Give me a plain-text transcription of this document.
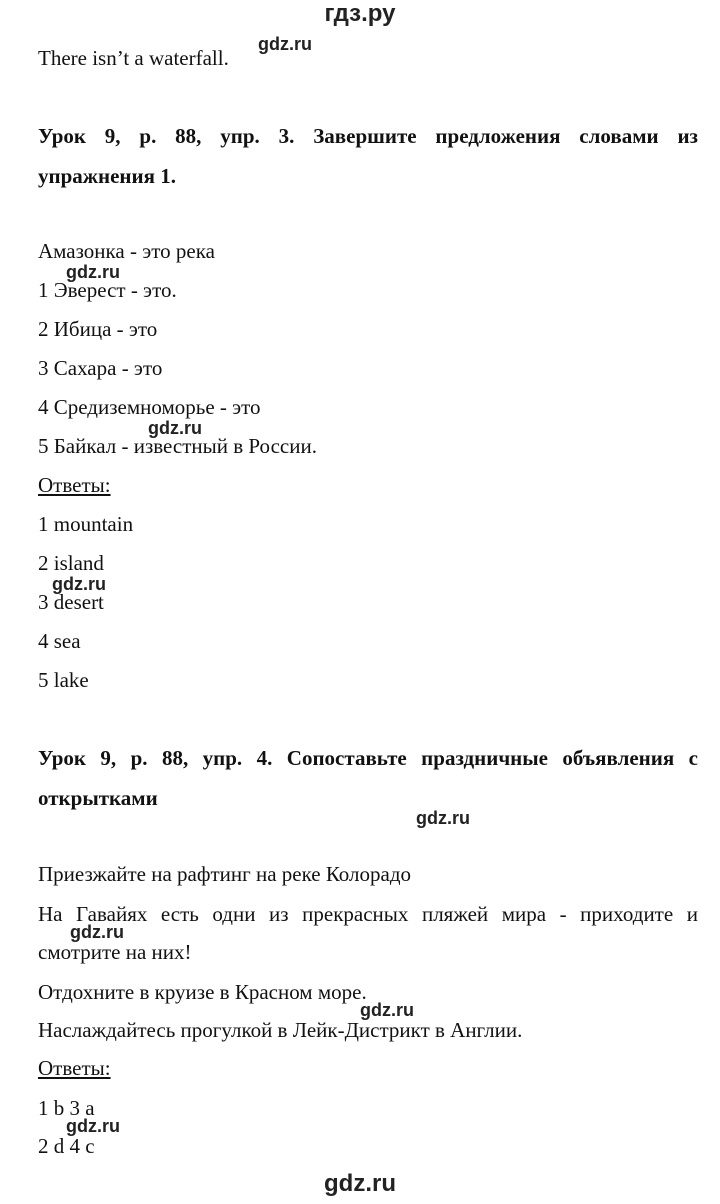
гдз.ру
There isn’t a waterfall.
gdz.ru
Урок 9, р. 88, упр. 3. Завершите предложения словами из
упражнения 1.
Амазонка - это река
gdz.ru
1 Эверест - это.
2 Ибица - это
3 Сахара - это
4 Средиземноморье - это
gdz.ru
5 Байкал - известный в России.
Ответы:
1 mountain
2 island
gdz.ru
3 desert
4 sea
5 lake
Урок 9, р. 88, упр. 4. Сопоставьте праздничные объявления с
открытками
gdz.ru
Приезжайте на рафтинг на реке Колорадо
На Гавайях есть одни из прекрасных пляжей мира - приходите и
gdz.ru
смотрите на них!
Отдохните в круизе в Красном море.
gdz.ru
Наслаждайтесь прогулкой в Лейк-Дистрикт в Англии.
Ответы:
1 b 3 a
gdz.ru
2 d 4 c
gdz.ru
